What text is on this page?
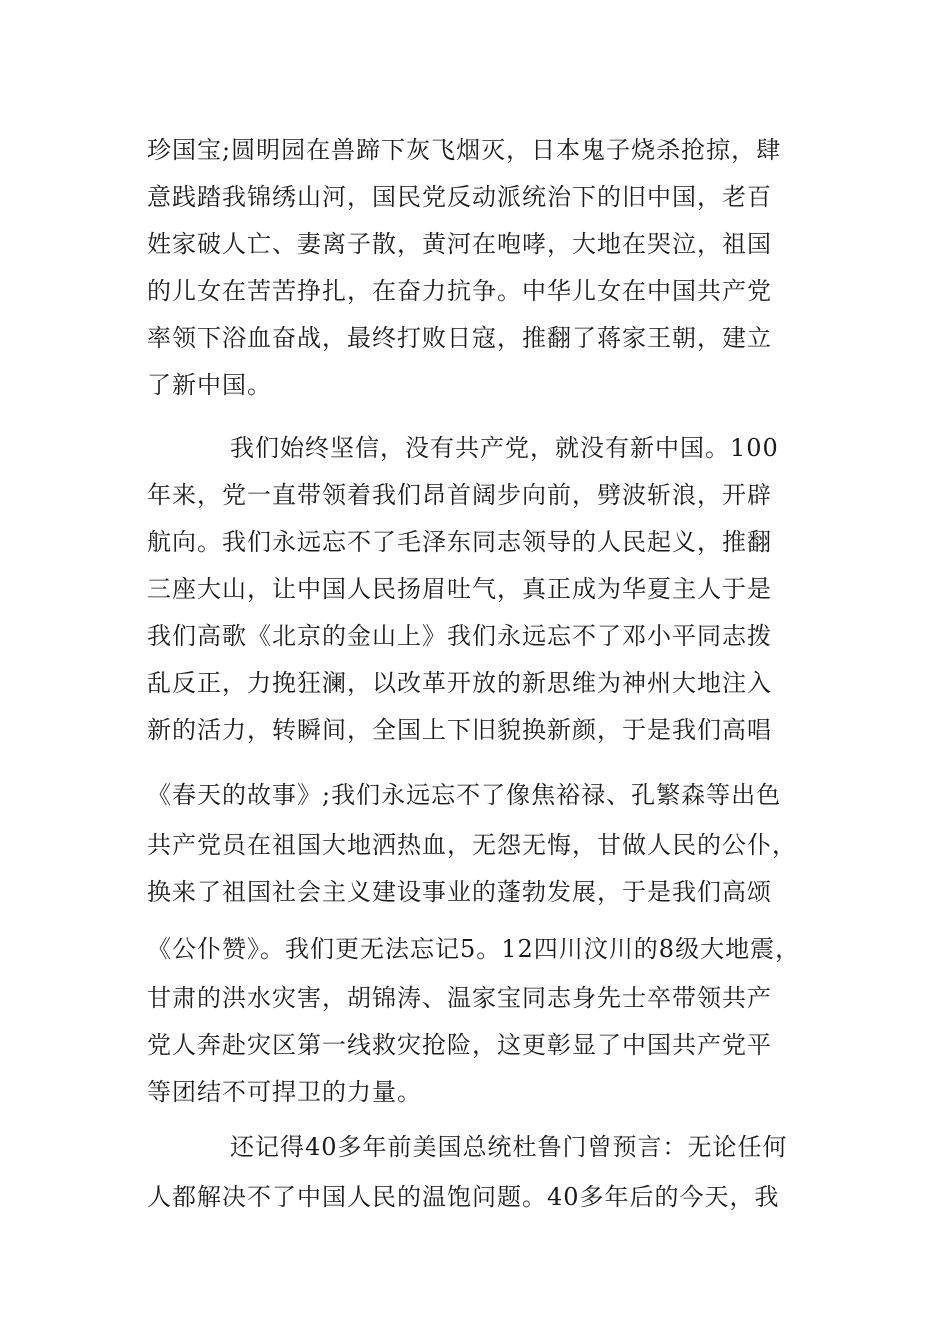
珍国宝;圆明园在兽蹄下灰飞烟灭，日本鬼子烧杀抢掠，肆
意践踏我锦绣山河，国民党反动派统治下的旧中国，老百
姓家破人亡、妻离子散，黄河在咆哮，大地在哭泣，祖国
的儿女在苦苦挣扎，在奋力抗争。中华儿女在中国共产党
率领下浴血奋战，最终打败日寇，推翻了蒋家王朝，建立
了新中国。
我们始终坚信，没有共产党，就没有新中国。100
年来，党一直带领着我们昂首阔步向前，劈波斩浪，开辟
航向。我们永远忘不了毛泽东同志领导的人民起义，推翻
三座大山，让中国人民扬眉吐气，真正成为华夏主人于是
我们高歌《北京的金山上》我们永远忘不了邓小平同志拨
乱反正，力挽狂澜，以改革开放的新思维为神州大地注入
新的活力，转瞬间，全国上下旧貌换新颜，于是我们高唱
《春天的故事》;我们永远忘不了像焦裕禄、孔繁森等出色
共产党员在祖国大地洒热血，无怨无悔，甘做人民的公仆，
换来了祖国社会主义建设事业的蓬勃发展，于是我们高颂
《公仆赞》。我们更无法忘记5。12四川汶川的8级大地震，
甘肃的洪水灾害，胡锦涛、温家宝同志身先士卒带领共产
党人奔赴灾区第一线救灾抢险，这更彰显了中国共产党平
等团结不可捍卫的力量。
还记得40多年前美国总统杜鲁门曾预言：无论任何
人都解决不了中国人民的温饱问题。40多年后的今天，我
